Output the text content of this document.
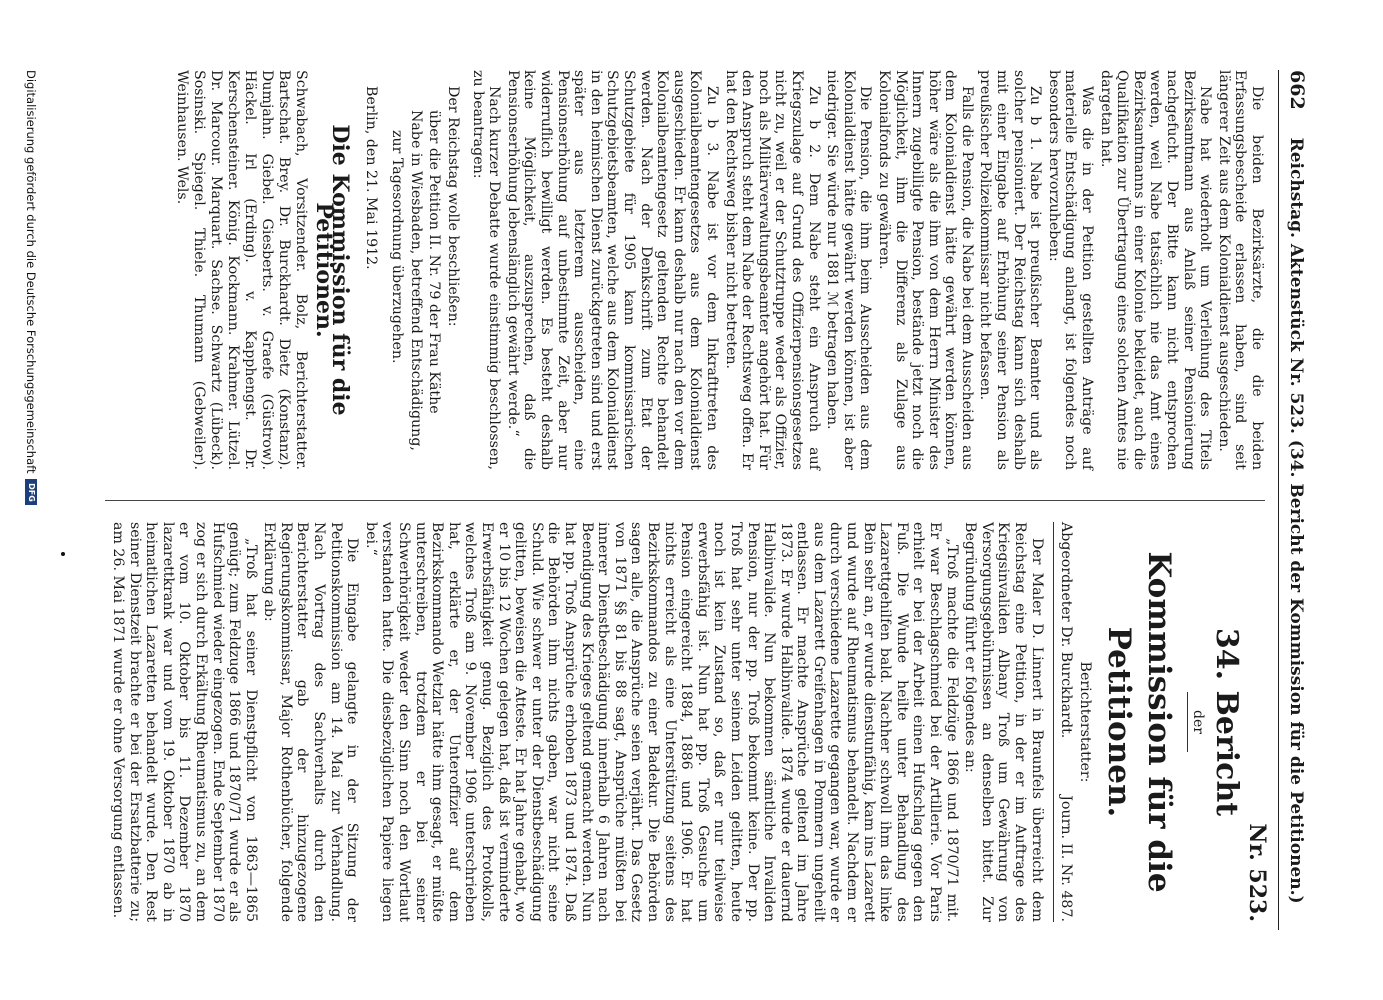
662 Reichstag. Aktenstück Nr. 523. (34. Bericht der Kommission für die Petitionen.)

Die beiden Bezirksärzte, die die beiden Erfassungsbescheide erlassen haben, sind seit längerer Zeit aus dem Kolonialdienst ausgeschieden.

Nabe hat wiederholt um Verleihung des Titels Bezirksamtmann aus Anlaß seiner Pensionierung nachgefucht. Der Bitte kann nicht entsprochen werden, weil Nabe tatsächlich nie das Amt eines Bezirksamtmanns in einer Kolonie bekleidet, auch die Qualifikation zur Übertragung eines solchen Amtes nie dargetan hat.

Was die in der Petition gestellten Anträge auf materielle Entschädigung anlangt, ist folgendes noch besonders hervorzuheben:

Zu b 1. Nabe ist preußischer Beamter und als solcher pensioniert. Der Reichstag kann sich deshalb mit einer Eingabe auf Erhöhung seiner Pension als preußischer Polizeikommissar nicht befassen.

Falls die Pension, die Nabe bei dem Ausscheiden aus dem Kolonialdienst hätte gewährt werden können, höher wäre als die ihm von dem Herrn Minister des Innern zugebilligte Pension, bestände jetzt noch die Möglichkeit, ihm die Differenz als Zulage aus Kolonialfonds zu gewähren.

Die Pension, die ihm beim Ausscheiden aus dem Kolonialdienst hätte gewährt werden können, ist aber niedriger. Sie würde nur 1881 ℳ betragen haben.

Zu b 2. Dem Nabe steht ein Anspruch auf Kriegszulage auf Grund des Offizierpensionsgesetzes nicht zu, weil er der Schutztruppe weder als Offizier, noch als Militärverwaltungsbeamter angehört hat. Für den Anspruch steht dem Nabe der Rechtsweg offen. Er hat den Rechtsweg bisher nicht betreten.

Zu b 3. Nabe ist vor dem Inkrafttreten des Kolonialbeamtengesetzes aus dem Kolonialdienst ausgeschieden. Er kann deshalb nur nach den vor dem Kolonialbeamtengesetz geltenden Rechte behandelt werden. Nach der Denkschrift zum Etat der Schutzgebiete für 1905 kann kommissarischen Schutzgebietsbeamten, welche aus dem Kolonialdienst in den heimischen Dienst zurückgetreten sind und erst später aus letzterem ausscheiden, eine Pensionserhöhung auf unbestimmte Zeit, aber nur widerruflich bewilligt werden. Es besteht deshalb keine Möglichkeit, auszusprechen, daß die Pensionserhöhung lebenslänglich gewährt werde.“

Nach kurzer Debatte wurde einstimmig beschlossen, zu beantragen:

Der Reichstag wolle beschließen:

über die Petition II. Nr. 79 der Frau Käthe

Nabe in Wiesbaden, betreffend Entschädigung,

zur Tagesordnung überzugehen.

Berlin, den 21. Mai 1912.

Die Kommission für die Petitionen.

Schwabach, Vorsitzender. Bolz, Berichterstatter. Bartschat. Brey. Dr. Burckhardt. Dietz (Konstanz). Dumjahn. Giebel. Giesberts. v. Graefe (Güstrow). Häckel. Irl (Erding). v. Kapphengst. Dr. Kerschensteiner. König. Kockmann. Krahmer. Lützel. Dr. Marcour. Marquart. Sachse. Schwartz (Lübeck). Sosinski. Spiegel. Thiele. Thumann (Gebweiler). Weinhausen. Wels.

Nr. 523.

34. Bericht

der

Kommission für die Petitionen.

Berichterstatter:

Abgeordneter Dr. Burckhardt.
Journ. II. Nr. 487.

Der Maler D. Linnert in Braunfels überreicht dem Reichstag eine Petition, in der er im Auftrage des Kriegsinvaliden Albany Troß um Gewährung von Versorgungsgebührnissen an denselben bittet. Zur Begründung führt er folgendes an:

„Troß machte die Feldzüge 1866 und 1870/71 mit. Er war Beschlagschmied bei der Artillerie. Vor Paris erhielt er bei der Arbeit einen Hufschlag gegen den Fuß. Die Wunde heilte unter Behandlung des Lazarettgehilfen bald. Nachher schwoll ihm das linke Bein sehr an, er wurde dienstunfähig, kam ins Lazarett und wurde auf Rheumatismus behandelt. Nachdem er durch verschiedene Lazarette gegangen war, wurde er aus dem Lazarett Greifenhagen in Pommern ungeheilt entlassen. Er machte Ansprüche geltend im Jahre 1873. Er wurde Halbinvalide. 1874 wurde er dauernd Halbinvalide. Nun bekommen sämtliche Invaliden Pension, nur der pp. Troß bekommt keine. Der pp. Troß hat sehr unter seinem Leiden gelitten, heute noch ist kein Zustand so, daß er nur teilweise erwerbsfähig ist. Nun hat pp. Troß Gesuche um Pension eingereicht 1884, 1886 und 1906. Er hat nichts erreicht als eine Unterstützung seitens des Bezirkskommandos zu einer Badekur. Die Behörden sagen alle, die Ansprüche seien verjährt. Das Gesetz von 1871 §§ 81 bis 88 sagt, Ansprüche müßten bei innerer Dienstbeschädigung innerhalb 6 Jahren nach Beendigung des Krieges geltend gemacht werden. Nun hat pp. Troß Ansprüche erhoben 1873 und 1874. Daß die Behörden ihm nichts gaben, war nicht seine Schuld. Wie schwer er unter der Dienstbeschädigung gelitten, beweisen die Atteste. Er hat Jahre gehabt, wo er 10 bis 12 Wochen gelegen hat, daß ist verminderte Erwerbsfähigkeit genug. Beziglich des Protokolls, welches Troß am 9. November 1906 unterschrieben hat, erklärte er, der Unteroffizier auf dem Bezirkskommando Wetzlar hätte ihm gesagt, er müßte unterschreiben, trotzdem er bei seiner Schwerhörigkeit weder den Sinn noch den Wortlaut verstanden hatte. Die diesbezüglichen Papiere liegen bei.“

Die Eingabe gelangte in der Sitzung der Petitionskommission am 14. Mai zur Verhandlung. Nach Vortrag des Sachverhalts durch den Berichterstatter gab der hinzugezogene Regierungskommissar, Major Rothenbücher, folgende Erklärung ab:

„Troß hat seiner Dienstpflicht von 1863—1865 genügt; zum Feldzuge 1866 und 1870/71 wurde er als Hufschmied wieder eingezogen. Ende September 1870 zog er sich durch Erkältung Rheumatismus zu, an dem er vom 10. Oktober bis 11. Dezember 1870 lazarettkrank war und vom 19. Oktober 1870 ab in heimatlichen Lazaretten behandelt wurde. Den Rest seiner Dienstzeit brachte er bei der Ersatzbatterie zu; am 26. Mai 1871 wurde er ohne Versorgung entlassen.

Digitalisierung gefördert durch die Deutsche Forschungsgemeinschaft
DFG
